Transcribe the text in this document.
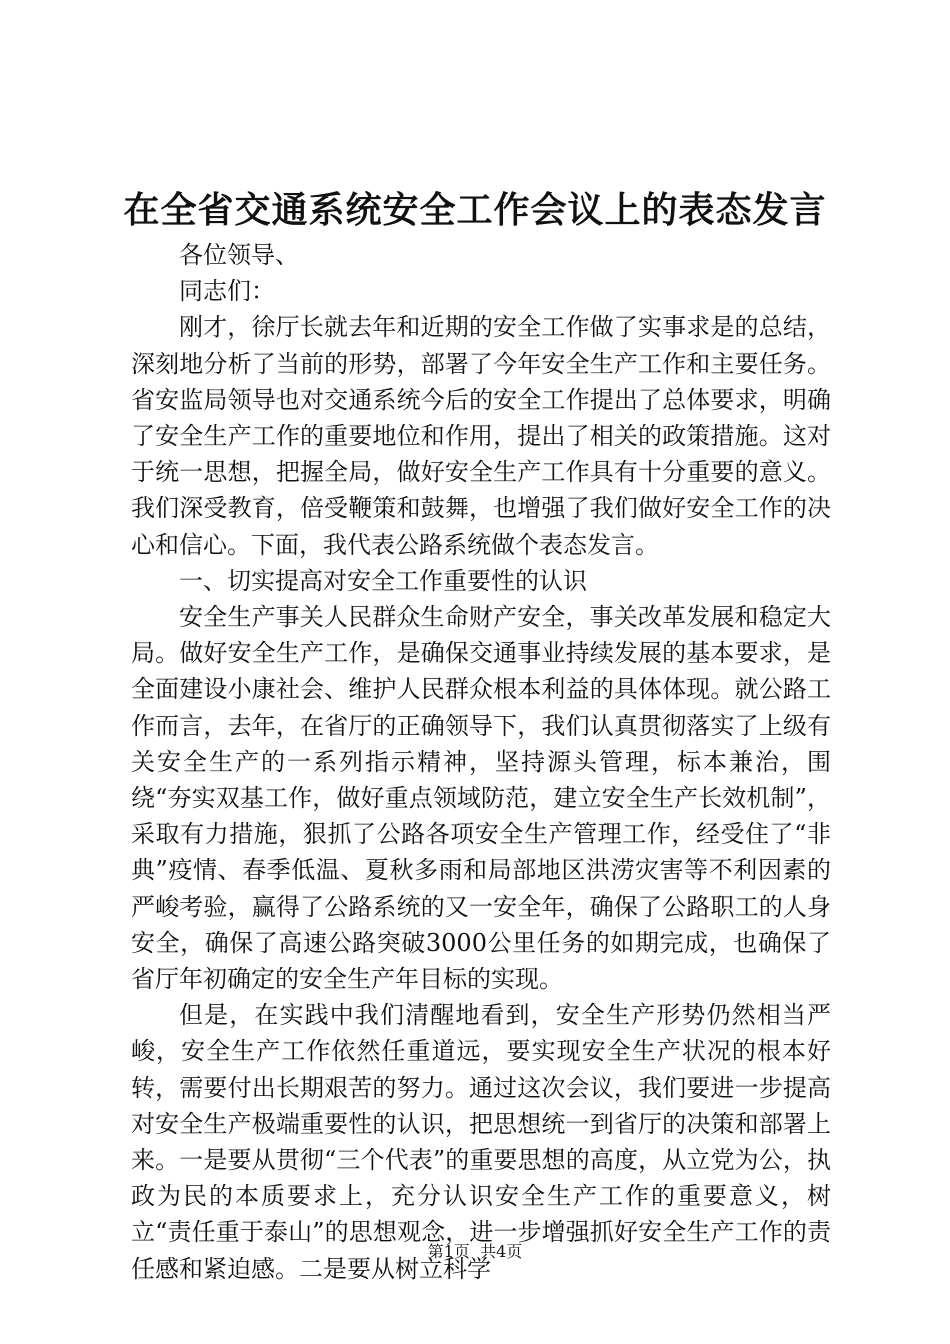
在全省交通系统安全工作会议上的表态发言

各位领导、

同志们：

刚才，徐厅长就去年和近期的安全工作做了实事求是的总结，深刻地分析了当前的形势，部署了今年安全生产工作和主要任务。省安监局领导也对交通系统今后的安全工作提出了总体要求，明确了安全生产工作的重要地位和作用，提出了相关的政策措施。这对于统一思想，把握全局，做好安全生产工作具有十分重要的意义。我们深受教育，倍受鞭策和鼓舞，也增强了我们做好安全工作的决心和信心。下面，我代表公路系统做个表态发言。

一、切实提高对安全工作重要性的认识

安全生产事关人民群众生命财产安全，事关改革发展和稳定大局。做好安全生产工作，是确保交通事业持续发展的基本要求，是全面建设小康社会、维护人民群众根本利益的具体体现。就公路工作而言，去年，在省厅的正确领导下，我们认真贯彻落实了上级有关安全生产的一系列指示精神，坚持源头管理，标本兼治，围绕“夯实双基工作，做好重点领域防范，建立安全生产长效机制”，采取有力措施，狠抓了公路各项安全生产管理工作，经受住了“非典”疫情、春季低温、夏秋多雨和局部地区洪涝灾害等不利因素的严峻考验，赢得了公路系统的又一安全年，确保了公路职工的人身安全，确保了高速公路突破3000公里任务的如期完成，也确保了省厅年初确定的安全生产年目标的实现。

但是，在实践中我们清醒地看到，安全生产形势仍然相当严峻，安全生产工作依然任重道远，要实现安全生产状况的根本好转，需要付出长期艰苦的努力。通过这次会议，我们要进一步提高对安全生产极端重要性的认识，把思想统一到省厅的决策和部署上来。一是要从贯彻“三个代表”的重要思想的高度，从立党为公，执政为民的本质要求上，充分认识安全生产工作的重要意义，树立“责任重于泰山”的思想观念，进一步增强抓好安全生产工作的责任感和紧迫感。二是要从树立科学

第1页  共4页
